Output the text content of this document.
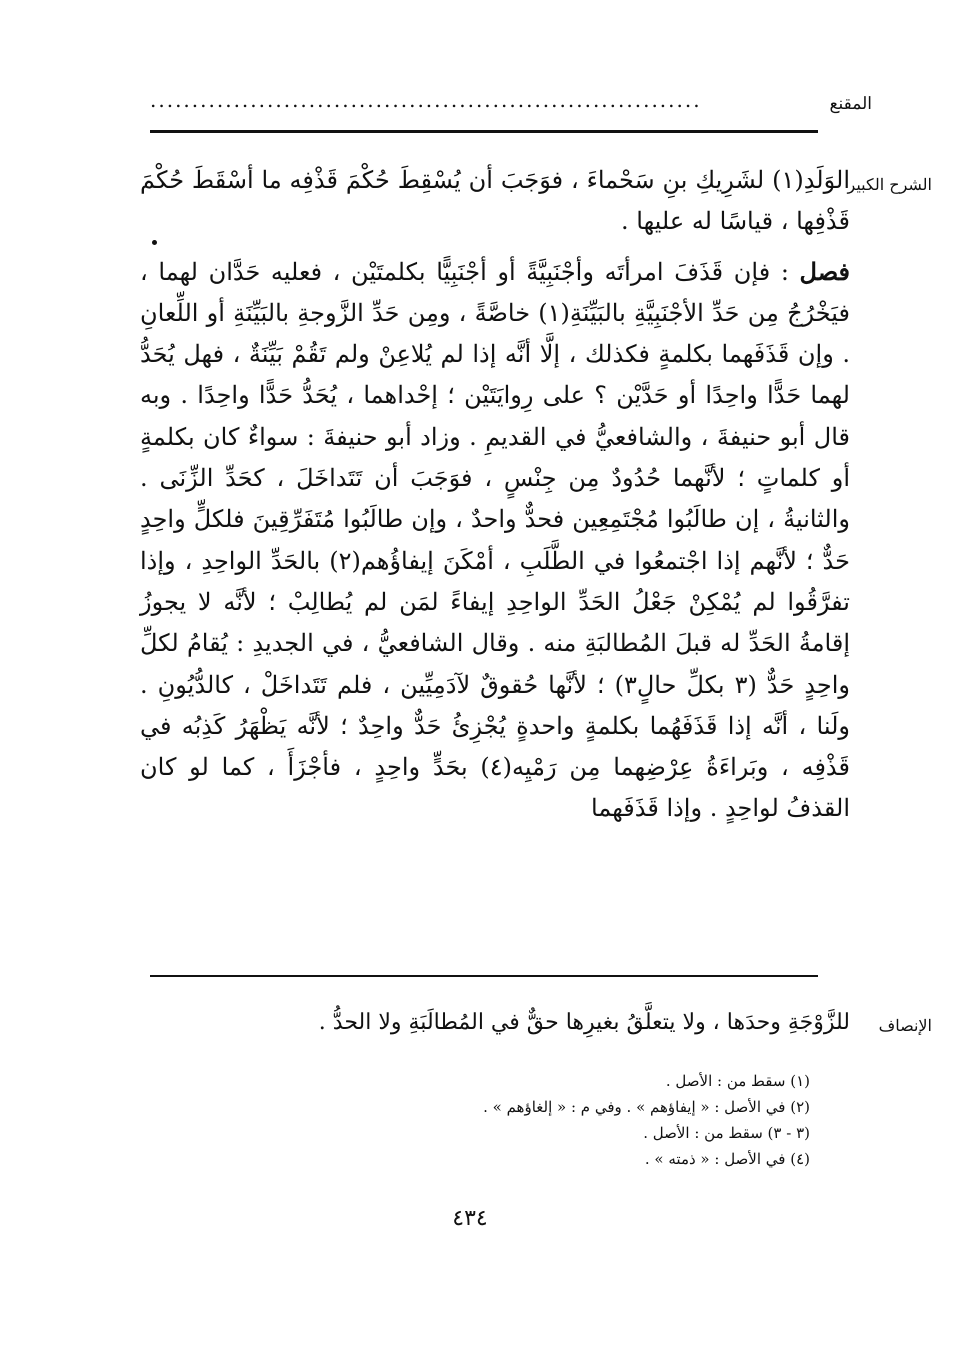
المقنع
..................................................................
الشرح الكبير

الوَلَدِ(١) لشَرِيكِ بنِ سَحْماءَ ، فوَجَبَ أن يُسْقِطَ حُكْمَ قَذْفِه ما أسْقَطَ حُكْمَ قَذْفِها ، قياسًا له عليها .

فصل : فإن قَذَفَ امرأتَه وأجْنَبِيَّةً أو أجْنَبِيًّا بكلمتَيْن ، فعليه حَدَّان لهما ، فيَخْرُجُ مِن حَدِّ الأجْنَبِيَّةِ بالبَيِّنَةِ(١) خاصَّةً ، ومِن حَدِّ الزَّوجةِ بالبَيِّنَةِ أو اللِّعانِ . وإن قَذَفَهما بكلمةٍ فكذلك ، إلَّا أنَّه إذا لم يُلاعِنْ ولم تَقُمْ بَيِّنَةٌ ، فهل يُحَدُّ لهما حَدًّا واحِدًا أو حَدَّيْن ؟ على رِوايَتَيْن ؛ إحْداهما ، يُحَدُّ حَدًّا واحِدًا . وبه قال أبو حنيفةَ ، والشافعيُّ في القديمِ . وزاد أبو حنيفةَ : سواءٌ كان بكلمةٍ أو كلماتٍ ؛ لأنَّهما حُدُودٌ مِن جِنْسٍ ، فوَجَبَ أن تَتَداخَلَ ، كحَدِّ الزِّنَى . والثانيةُ ، إن طالَبُوا مُجْتَمِعِين فحدٌّ واحدٌ ، وإن طالَبُوا مُتَفَرِّقِينَ فلكلٍّ واحِدٍ حَدٌّ ؛ لأنَّهم إذا اجْتمعُوا في الطَّلَبِ ، أمْكَنَ إيفاؤُهم(٢) بالحَدِّ الواحِدِ ، وإذا تفرَّقُوا لم يُمْكِنْ جَعْلُ الحَدِّ الواحِدِ إيفاءً لمَن لم يُطالِبْ ؛ لأنَّه لا يجوزُ إقامةُ الحَدِّ له قبلَ المُطالبَةِ منه . وقال الشافعيُّ ، في الجديدِ : يُقامُ لكلِّ واحِدٍ حَدٌّ (٣ بكلِّ حالٍ٣) ؛ لأنَّها حُقوقٌ لآدَمِيِّين ، فلم تَتَداخَلْ ، كالدُّيُونِ . ولَنا ، أنَّه إذا قَذَفَهُما بكلمةٍ واحدةٍ يُجْزِئُ حَدٌّ واحِدٌ ؛ لأنَّه يَظْهَرُ كَذِبُه في قَذْفِه ، وبَراءَةُ عِرْضِهما مِن رَمْيِه(٤) بحَدٍّ واحِدٍ ، فأجْزَأَ ، كما لو كان القذفُ لواحِدٍ . وإذا قَذَفَهما

الإنصاف
للزَّوْجَةِ وحدَها ، ولا يتعلَّقُ بغيرِها حقٌّ في المُطالَبَةِ ولا الحدُّ .
(١) سقط من : الأصل .
(٢) في الأصل : « إيفاؤهم » . وفي م : « إلغاؤهم » .
(٣ - ٣) سقط من : الأصل .
(٤) في الأصل : « ذمته » .
٤٣٤
